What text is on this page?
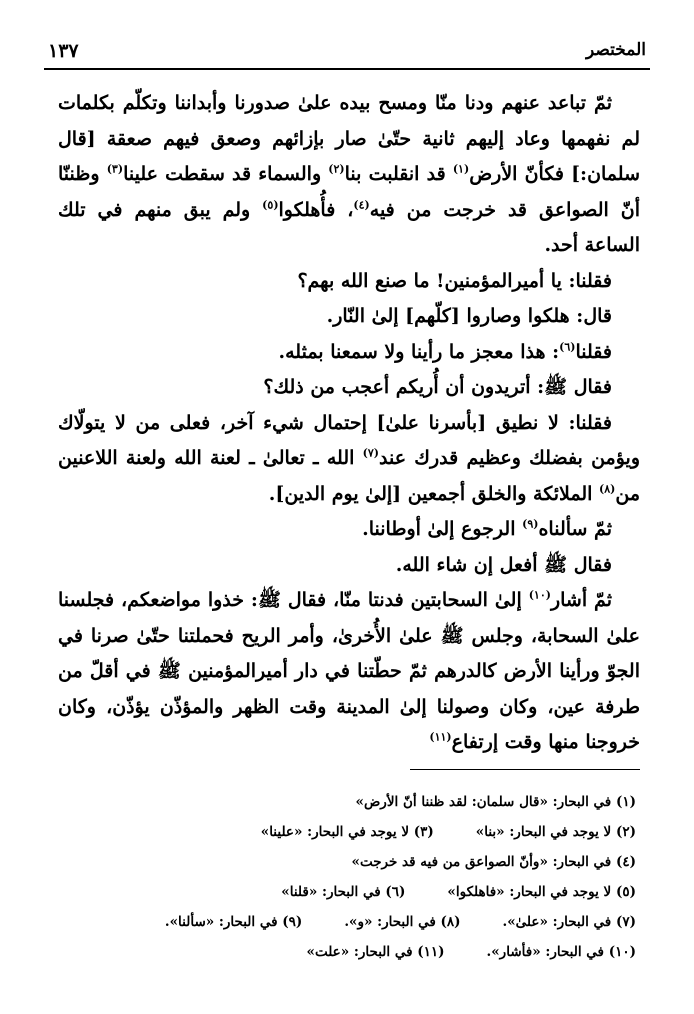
١٣٧	المختصر

ثمّ تباعد عنهم ودنا منّا ومسح بيده علىٰ صدورنا وأبداننا وتكلّم بكلمات لم نفهمها وعاد إليهم ثانية حتّىٰ صار بإزائهم وصعق فيهم صعقة [قال سلمان:] فكأنّ الأرض$^{(١)}$ قد انقلبت بنا$^{(٢)}$ والسماء قد سقطت علينا$^{(٣)}$ وظننّا أنّ الصواعق قد خرجت من فيه$^{(٤)}$، فأُهلكوا$^{(٥)}$ ولم يبق منهم في تلك الساعة أحد.

فقلنا: يا أميرالمؤمنين! ما صنع الله بهم؟

قال: هلكوا وصاروا [كلّهم] إلىٰ النّار.

فقلنا$^{(٦)}$: هذا معجز ما رأينا ولا سمعنا بمثله.

فقال ﷺ: أتريدون أن أُريكم أعجب من ذلك؟

فقلنا: لا نطيق [بأسرنا علىٰ] إحتمال شيء آخر، فعلى من لا يتولّاك ويؤمن بفضلك وعظيم قدرك عند$^{(٧)}$ الله ـ تعالىٰ ـ لعنة الله ولعنة اللاعنين من$^{(٨)}$ الملائكة والخلق أجمعين [إلىٰ يوم الدين].

ثمّ سألناه$^{(٩)}$ الرجوع إلىٰ أوطاننا.

فقال ﷺ أفعل إن شاء الله.

ثمّ أشار$^{(١٠)}$ إلىٰ السحابتين فدنتا منّا، فقال ﷺ: خذوا مواضعكم، فجلسنا علىٰ السحابة، وجلس ﷺ علىٰ الأُخرىٰ، وأمر الريح فحملتنا حتّىٰ صرنا في الجوّ ورأينا الأرض كالدرهم ثمّ حطّتنا في دار أميرالمؤمنين ﷺ في أقلّ من طرفة عين، وكان وصولنا إلىٰ المدينة وقت الظهر والمؤذّن يؤذّن، وكان خروجنا منها وقت إرتفاع$^{(١١)}$

(١) في البحار: «قال سلمان: لقد ظننا أنّ الأرض»
(٢) لا يوجد في البحار: «بنا»
(٣) لا يوجد في البحار: «علينا»
(٤) في البحار: «وأنّ الصواعق من فيه قد خرجت»
(٥) لا يوجد في البحار: «فاهلكوا»
(٦) في البحار: «قلنا»
(٧) في البحار: «علىٰ».
(٨) في البحار: «و».
(٩) في البحار: «سألنا».
(١٠) في البحار: «فأشار».
(١١) في البحار: «علت»
